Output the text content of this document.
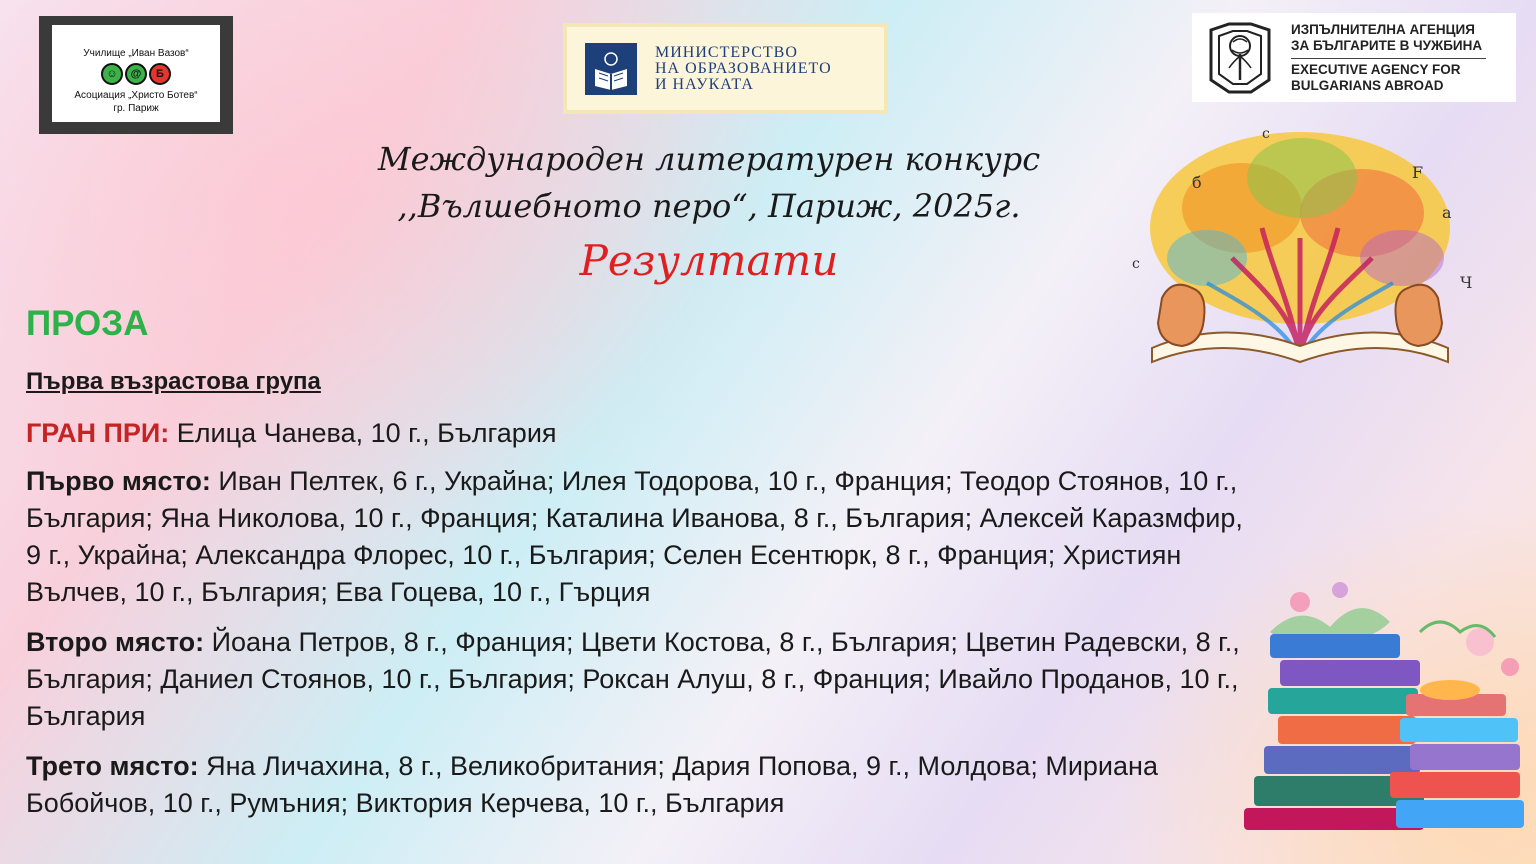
Училище „Иван Вазов“
☺	@	Б
Асоциация „Христо Ботев“
гр. Париж
МИНИСТЕРСТВО
НА ОБРАЗОВАНИЕТО
И НАУКАТА
ИЗПЪЛНИТЕЛНА АГЕНЦИЯ
ЗА БЪЛГАРИТЕ В ЧУЖБИНА
EXECUTIVE AGENCY FOR
BULGARIANS ABROAD
Международен литературен конкурс
,,Вълшебното перо“, Париж, 2025г.
Резултати
б
F
c
a
с
Ч
ПРОЗА
Първа възрастова група
ГРАН ПРИ: Елица Чанева, 10 г., България
Първо място: Иван Пелтек, 6 г., Украйна; Илея Тодорова, 10 г., Франция; Теодор Стоянов, 10 г., България; Яна Николова, 10 г., Франция; Каталина Иванова, 8 г., България; Алексей Каразмфир, 9 г., Украйна; Александра Флорес, 10 г., България; Селен Есентюрк, 8 г., Франция; Християн Вълчев, 10 г., България; Ева Гоцева, 10 г., Гърция
Второ място: Йоана Петров, 8 г., Франция; Цвети Костова, 8 г., България; Цветин Радевски, 8 г., България; Даниел Стоянов, 10 г., България; Роксан Алуш, 8 г., Франция; Ивайло Проданов, 10 г., България
Трето място: Яна Личахина, 8 г., Великобритания; Дария Попова, 9 г., Молдова; Мириана Бобойчов, 10 г., Румъния; Виктория Керчева, 10 г., България
